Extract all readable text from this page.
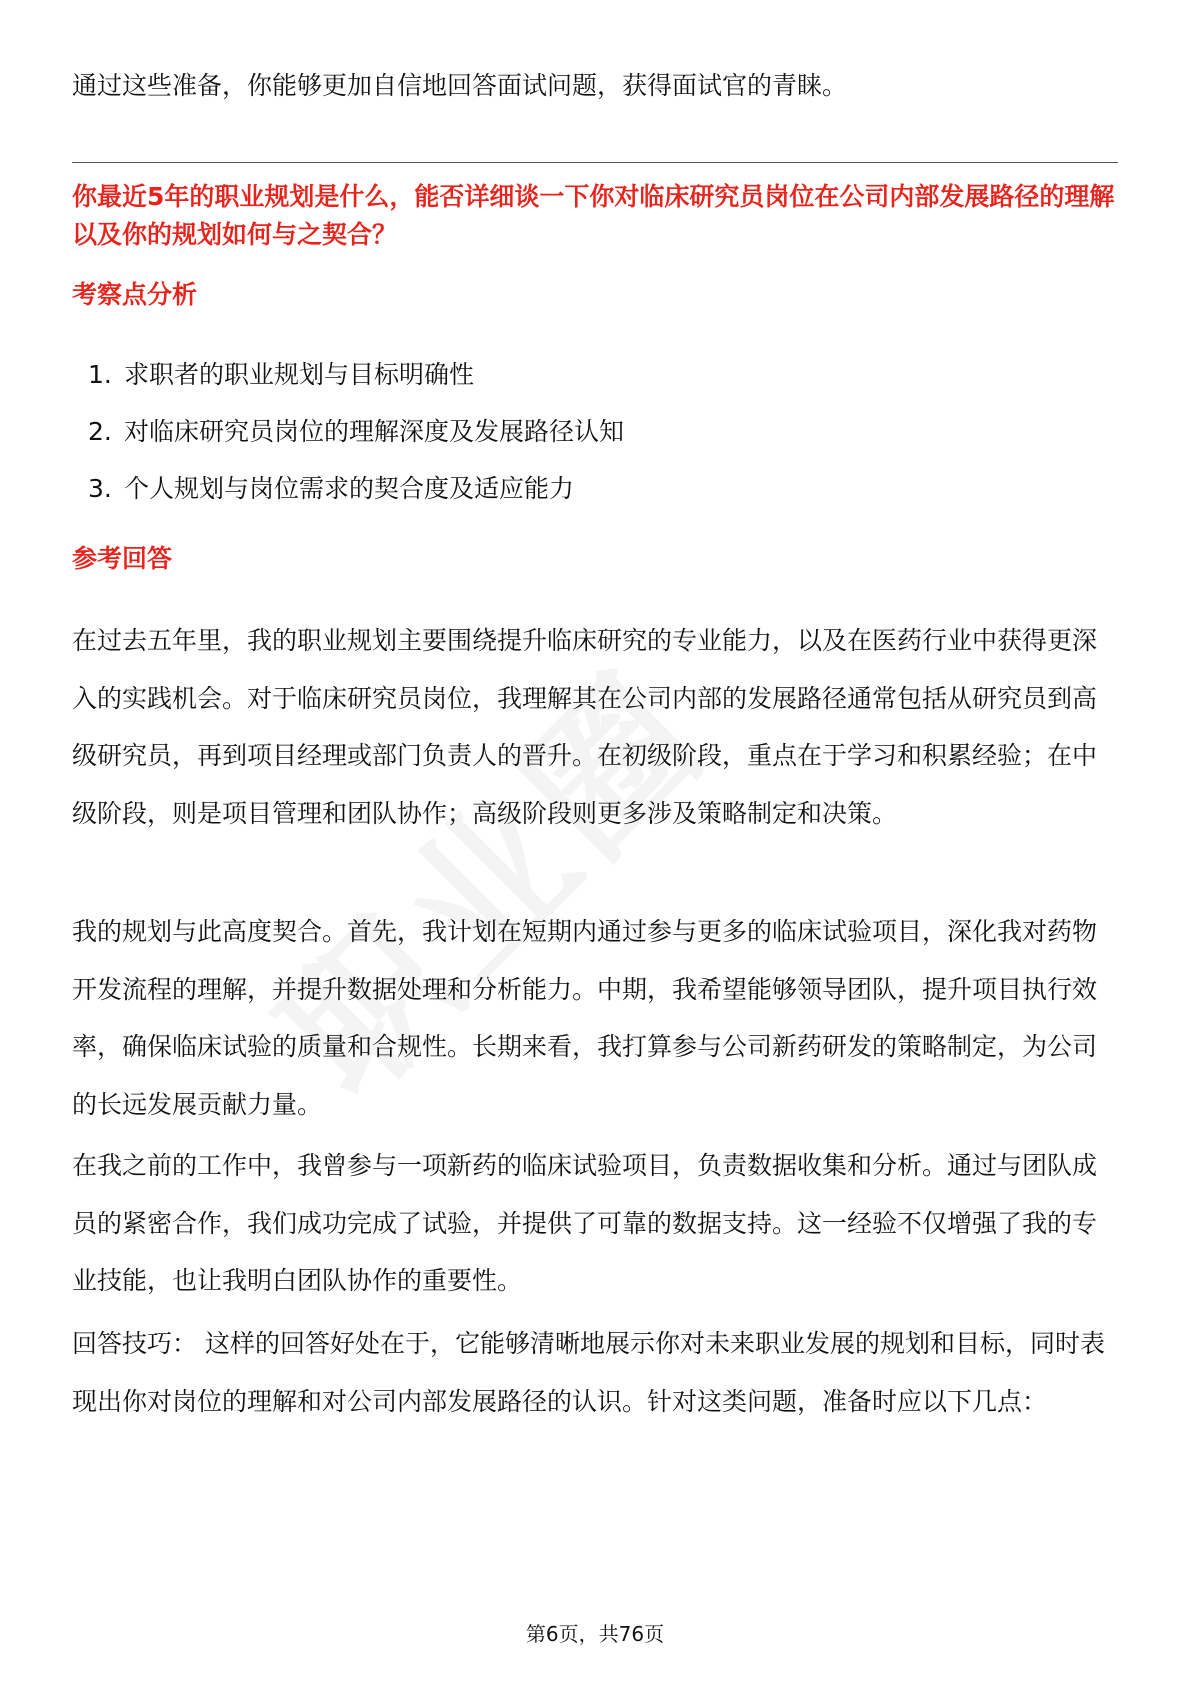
通过这些准备，你能够更加自信地回答面试问题，获得面试官的青睐。
你最近5年的职业规划是什么，能否详细谈一下你对临床研究员岗位在公司内部发展路径的理解以及你的规划如何与之契合？
考察点分析
1. 求职者的职业规划与目标明确性
2. 对临床研究员岗位的理解深度及发展路径认知
3. 个人规划与岗位需求的契合度及适应能力
参考回答

在过去五年里，我的职业规划主要围绕提升临床研究的专业能力，以及在医药行业中获得更深入的实践机会。对于临床研究员岗位，我理解其在公司内部的发展路径通常包括从研究员到高级研究员，再到项目经理或部门负责人的晋升。在初级阶段，重点在于学习和积累经验；在中级阶段，则是项目管理和团队协作；高级阶段则更多涉及策略制定和决策。

我的规划与此高度契合。首先，我计划在短期内通过参与更多的临床试验项目，深化我对药物开发流程的理解，并提升数据处理和分析能力。中期，我希望能够领导团队，提升项目执行效率，确保临床试验的质量和合规性。长期来看，我打算参与公司新药研发的策略制定，为公司的长远发展贡献力量。

在我之前的工作中，我曾参与一项新药的临床试验项目，负责数据收集和分析。通过与团队成员的紧密合作，我们成功完成了试验，并提供了可靠的数据支持。这一经验不仅增强了我的专业技能，也让我明白团队协作的重要性。

回答技巧： 这样的回答好处在于，它能够清晰地展示你对未来职业发展的规划和目标，同时表现出你对岗位的理解和对公司内部发展路径的认识。针对这类问题，准备时应以下几点：

第6页，共76页
